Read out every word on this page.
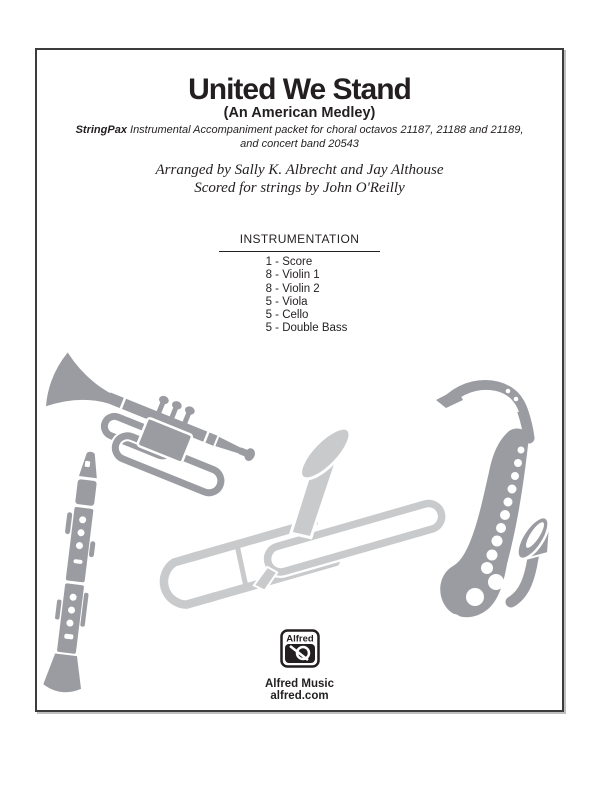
United We Stand
(An American Medley)
StringPax Instrumental Accompaniment packet for choral octavos 21187, 21188 and 21189,
and concert band 20543
Arranged by Sally K. Albrecht and Jay Althouse
Scored for strings by John O'Reilly
INSTRUMENTATION
1 - Score
8 - Violin 1
8 - Violin 2
5 - Viola
5 - Cello
5 - Double Bass
Alfred
Alfred Music
alfred.com
